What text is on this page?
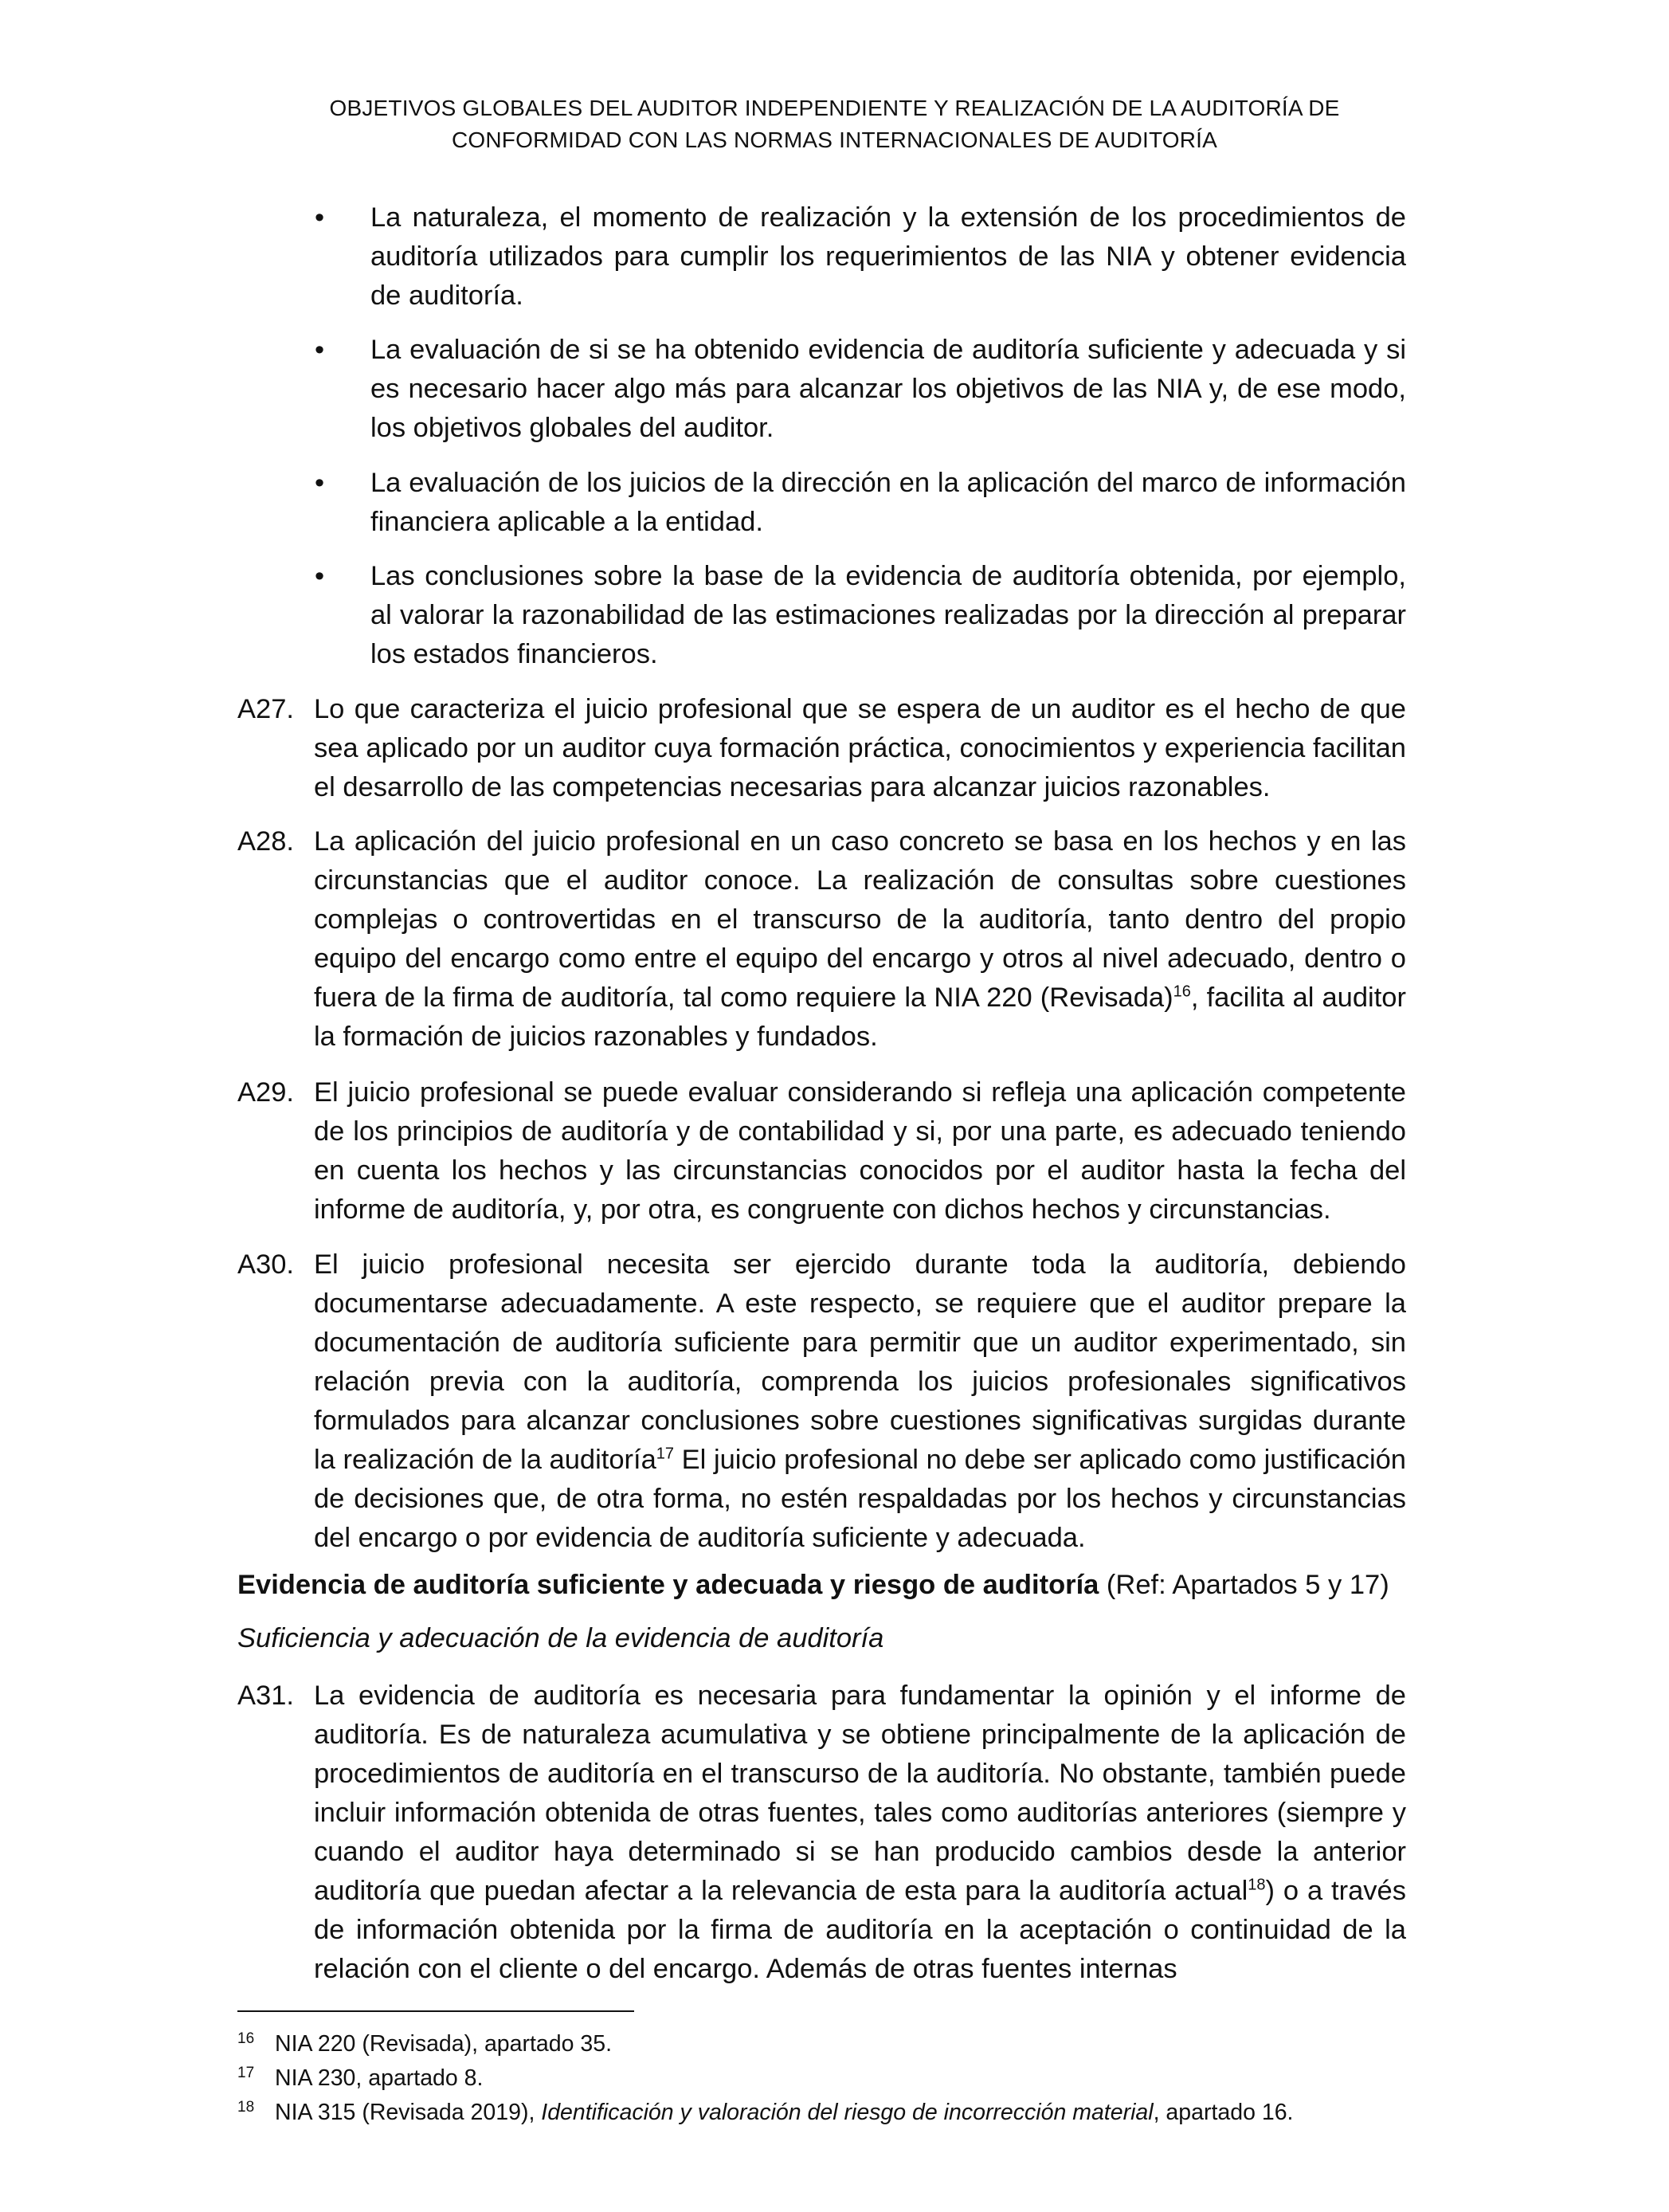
OBJETIVOS GLOBALES DEL AUDITOR INDEPENDIENTE Y REALIZACIÓN DE LA AUDITORÍA DE
CONFORMIDAD CON LAS NORMAS INTERNACIONALES DE AUDITORÍA
• La naturaleza, el momento de realización y la extensión de los procedimientos de auditoría utilizados para cumplir los requerimientos de las NIA y obtener evidencia de auditoría.
• La evaluación de si se ha obtenido evidencia de auditoría suficiente y adecuada y si es necesario hacer algo más para alcanzar los objetivos de las NIA y, de ese modo, los objetivos globales del auditor.
• La evaluación de los juicios de la dirección en la aplicación del marco de información financiera aplicable a la entidad.
• Las conclusiones sobre la base de la evidencia de auditoría obtenida, por ejemplo, al valorar la razonabilidad de las estimaciones realizadas por la dirección al preparar los estados financieros.
A27. Lo que caracteriza el juicio profesional que se espera de un auditor es el hecho de que sea aplicado por un auditor cuya formación práctica, conocimientos y experiencia facilitan el desarrollo de las competencias necesarias para alcanzar juicios razonables.
A28. La aplicación del juicio profesional en un caso concreto se basa en los hechos y en las circunstancias que el auditor conoce. La realización de consultas sobre cuestiones complejas o controvertidas en el transcurso de la auditoría, tanto dentro del propio equipo del encargo como entre el equipo del encargo y otros al nivel adecuado, dentro o fuera de la firma de auditoría, tal como requiere la NIA 220 (Revisada)$^{16}$, facilita al auditor la formación de juicios razonables y fundados.
A29. El juicio profesional se puede evaluar considerando si refleja una aplicación competente de los principios de auditoría y de contabilidad y si, por una parte, es adecuado teniendo en cuenta los hechos y las circunstancias conocidos por el auditor hasta la fecha del informe de auditoría, y, por otra, es congruente con dichos hechos y circunstancias.
A30. El juicio profesional necesita ser ejercido durante toda la auditoría, debiendo documentarse adecuadamente. A este respecto, se requiere que el auditor prepare la documentación de auditoría suficiente para permitir que un auditor experimentado, sin relación previa con la auditoría, comprenda los juicios profesionales significativos formulados para alcanzar conclusiones sobre cuestiones significativas surgidas durante la realización de la auditoría$^{17}$ El juicio profesional no debe ser aplicado como justificación de decisiones que, de otra forma, no estén respaldadas por los hechos y circunstancias del encargo o por evidencia de auditoría suficiente y adecuada.
Evidencia de auditoría suficiente y adecuada y riesgo de auditoría (Ref: Apartados 5 y 17)
Suficiencia y adecuación de la evidencia de auditoría
A31. La evidencia de auditoría es necesaria para fundamentar la opinión y el informe de auditoría. Es de naturaleza acumulativa y se obtiene principalmente de la aplicación de procedimientos de auditoría en el transcurso de la auditoría. No obstante, también puede incluir información obtenida de otras fuentes, tales como auditorías anteriores (siempre y cuando el auditor haya determinado si se han producido cambios desde la anterior auditoría que puedan afectar a la relevancia de esta para la auditoría actual$^{18}$) o a través de información obtenida por la firma de auditoría en la aceptación o continuidad de la relación con el cliente o del encargo. Además de otras fuentes internas
16 NIA 220 (Revisada), apartado 35.
17 NIA 230, apartado 8.
18 NIA 315 (Revisada 2019), Identificación y valoración del riesgo de incorrección material, apartado 16.
